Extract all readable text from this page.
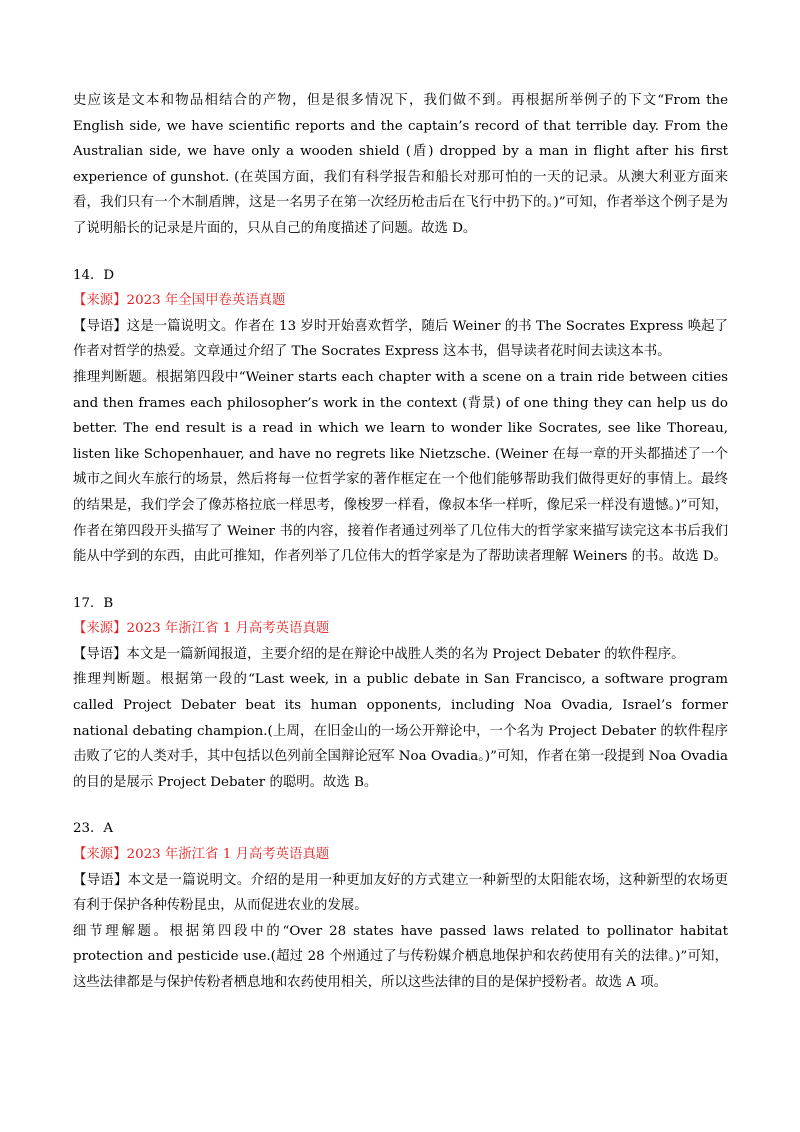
史应该是文本和物品相结合的产物，但是很多情况下，我们做不到。再根据所举例子的下文“From the English side, we have scientific reports and the captain’s record of that terrible day. From the Australian side, we have only a wooden shield (盾) dropped by a man in flight after his first experience of gunshot. (在英国方面，我们有科学报告和船长对那可怕的一天的记录。从澳大利亚方面来看，我们只有一个木制盾牌，这是一名男子在第一次经历枪击后在飞行中扔下的。)”可知，作者举这个例子是为了说明船长的记录是片面的，只从自己的角度描述了问题。故选 D。

14．D

【来源】2023 年全国甲卷英语真题

【导语】这是一篇说明文。作者在 13 岁时开始喜欢哲学，随后 Weiner 的书 The Socrates Express 唤起了作者对哲学的热爱。文章通过介绍了 The Socrates Express 这本书，倡导读者花时间去读这本书。

推理判断题。根据第四段中“Weiner starts each chapter with a scene on a train ride between cities and then frames each philosopher’s work in the context (背景) of one thing they can help us do better. The end result is a read in which we learn to wonder like Socrates, see like Thoreau, listen like Schopenhauer, and have no regrets like Nietzsche. (Weiner 在每一章的开头都描述了一个城市之间火车旅行的场景，然后将每一位哲学家的著作框定在一个他们能够帮助我们做得更好的事情上。最终的结果是，我们学会了像苏格拉底一样思考，像梭罗一样看，像叔本华一样听，像尼采一样没有遗憾。)”可知，作者在第四段开头描写了 Weiner 书的内容，接着作者通过列举了几位伟大的哲学家来描写读完这本书后我们能从中学到的东西，由此可推知，作者列举了几位伟大的哲学家是为了帮助读者理解 Weiners 的书。故选 D。

17．B

【来源】2023 年浙江省 1 月高考英语真题

【导语】本文是一篇新闻报道，主要介绍的是在辩论中战胜人类的名为 Project Debater 的软件程序。

推理判断题。根据第一段的“Last week, in a public debate in San Francisco, a software program called Project Debater beat its human opponents, including Noa Ovadia, Israel’s former national debating champion.(上周，在旧金山的一场公开辩论中，一个名为 Project Debater 的软件程序击败了它的人类对手，其中包括以色列前全国辩论冠军 Noa Ovadia。)”可知，作者在第一段提到 Noa Ovadia 的目的是展示 Project Debater 的聪明。故选 B。

23．A

【来源】2023 年浙江省 1 月高考英语真题

【导语】本文是一篇说明文。介绍的是用一种更加友好的方式建立一种新型的太阳能农场，这种新型的农场更有利于保护各种传粉昆虫，从而促进农业的发展。

细节理解题。根据第四段中的“Over 28 states have passed laws related to pollinator habitat protection and pesticide use.(超过 28 个州通过了与传粉媒介栖息地保护和农药使用有关的法律。)”可知，这些法律都是与保护传粉者栖息地和农药使用相关，所以这些法律的目的是保护授粉者。故选 A 项。
